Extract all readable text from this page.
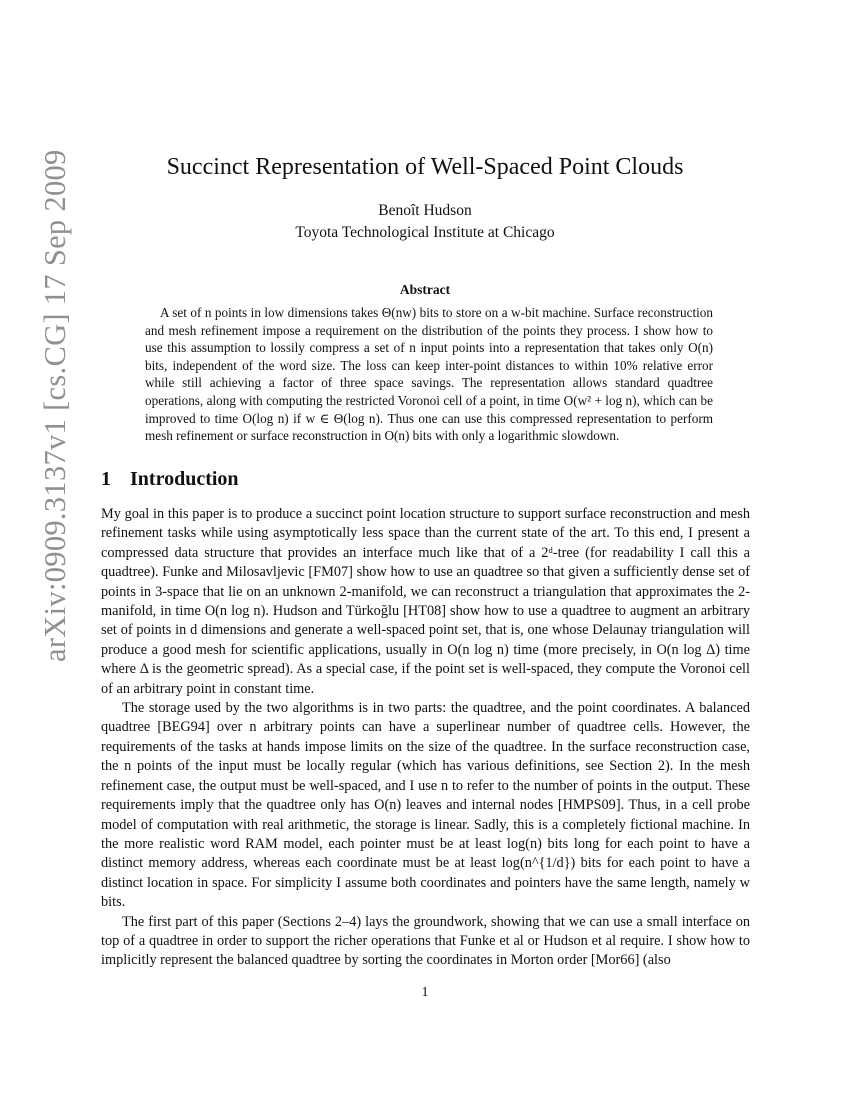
arXiv:0909.3137v1 [cs.CG] 17 Sep 2009	Succinct Representation of Well-Spaced Point Clouds
Benoît Hudson
Toyota Technological Institute at Chicago
Abstract
A set of n points in low dimensions takes Θ(nw) bits to store on a w-bit machine. Surface reconstruction and mesh refinement impose a requirement on the distribution of the points they process. I show how to use this assumption to lossily compress a set of n input points into a representation that takes only O(n) bits, independent of the word size. The loss can keep inter-point distances to within 10% relative error while still achieving a factor of three space savings. The representation allows standard quadtree operations, along with computing the restricted Voronoi cell of a point, in time O(w² + log n), which can be improved to time O(log n) if w ∈ Θ(log n). Thus one can use this compressed representation to perform mesh refinement or surface reconstruction in O(n) bits with only a logarithmic slowdown.
1 Introduction

My goal in this paper is to produce a succinct point location structure to support surface reconstruction and mesh refinement tasks while using asymptotically less space than the current state of the art. To this end, I present a compressed data structure that provides an interface much like that of a 2ᵈ-tree (for readability I call this a quadtree). Funke and Milosavljevic [FM07] show how to use an quadtree so that given a sufficiently dense set of points in 3-space that lie on an unknown 2-manifold, we can reconstruct a triangulation that approximates the 2-manifold, in time O(n log n). Hudson and Türkoğlu [HT08] show how to use a quadtree to augment an arbitrary set of points in d dimensions and generate a well-spaced point set, that is, one whose Delaunay triangulation will produce a good mesh for scientific applications, usually in O(n log n) time (more precisely, in O(n log Δ) time where Δ is the geometric spread). As a special case, if the point set is well-spaced, they compute the Voronoi cell of an arbitrary point in constant time.

The storage used by the two algorithms is in two parts: the quadtree, and the point coordinates. A balanced quadtree [BEG94] over n arbitrary points can have a superlinear number of quadtree cells. However, the requirements of the tasks at hands impose limits on the size of the quadtree. In the surface reconstruction case, the n points of the input must be locally regular (which has various definitions, see Section 2). In the mesh refinement case, the output must be well-spaced, and I use n to refer to the number of points in the output. These requirements imply that the quadtree only has O(n) leaves and internal nodes [HMPS09]. Thus, in a cell probe model of computation with real arithmetic, the storage is linear. Sadly, this is a completely fictional machine. In the more realistic word RAM model, each pointer must be at least log(n) bits long for each point to have a distinct memory address, whereas each coordinate must be at least log(n^{1/d}) bits for each point to have a distinct location in space. For simplicity I assume both coordinates and pointers have the same length, namely w bits.

The first part of this paper (Sections 2–4) lays the groundwork, showing that we can use a small interface on top of a quadtree in order to support the richer operations that Funke et al or Hudson et al require. I show how to implicitly represent the balanced quadtree by sorting the coordinates in Morton order [Mor66] (also

1
